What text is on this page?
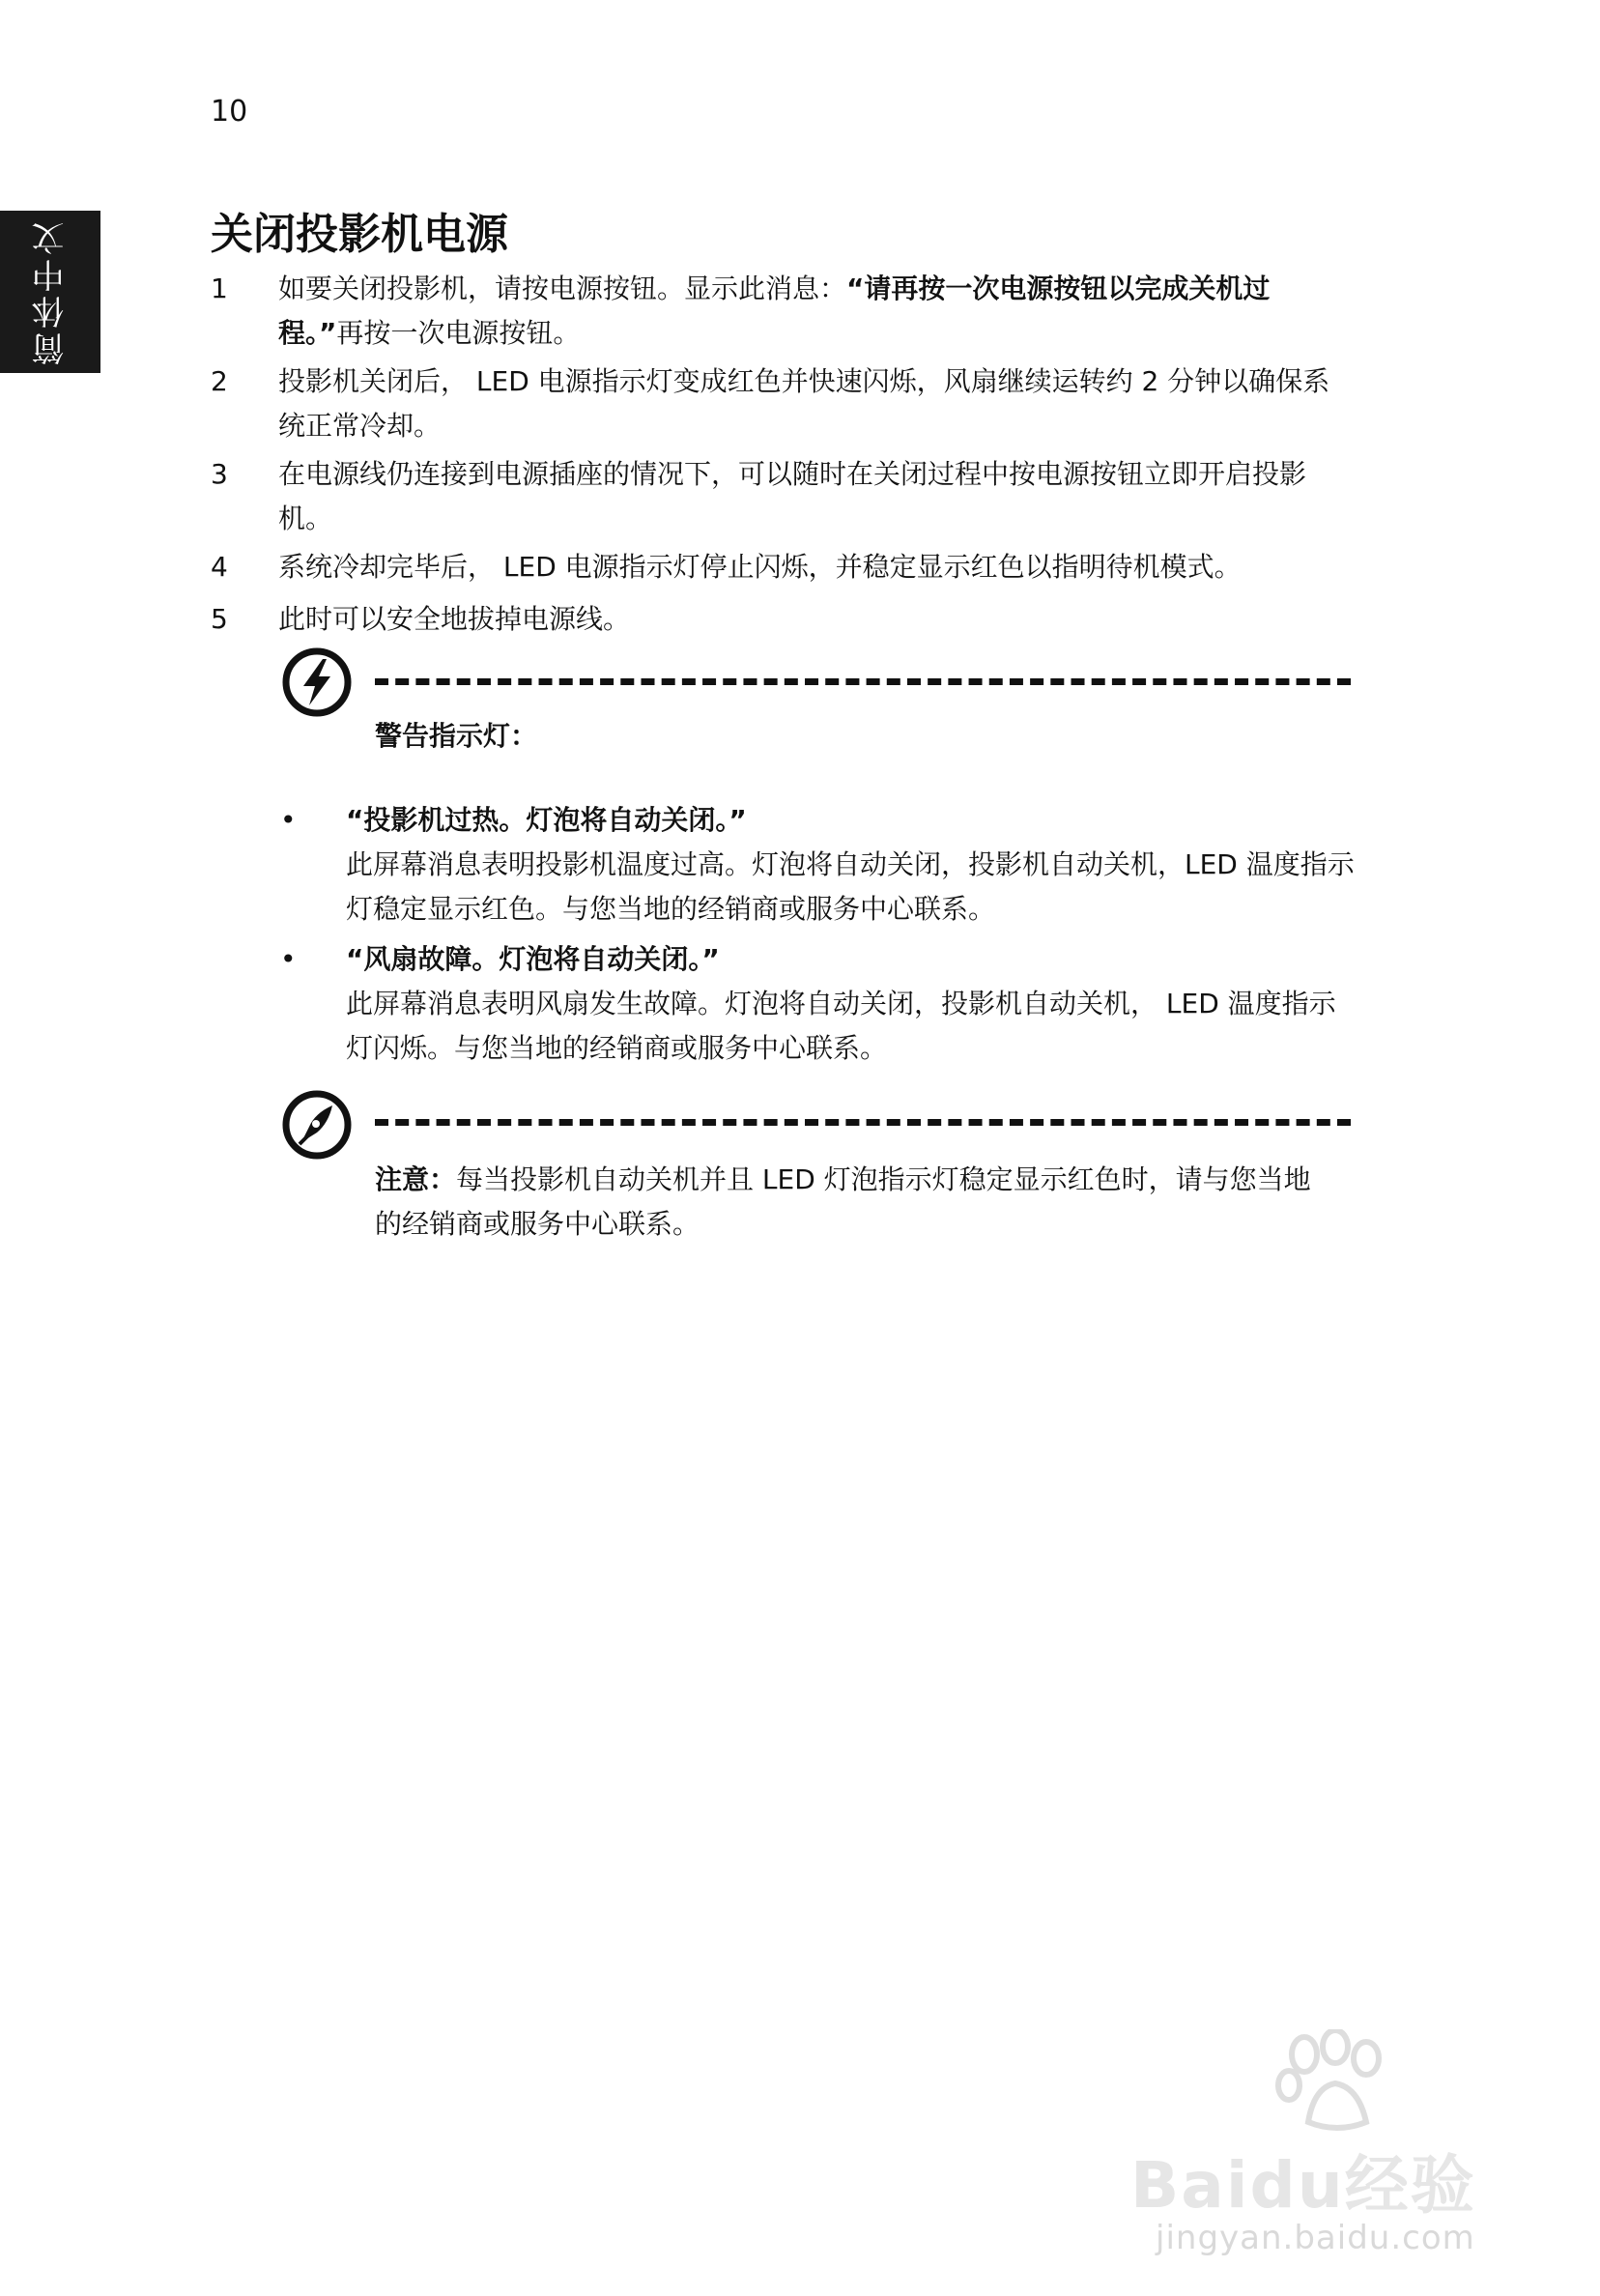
10
简体中文	关闭投影机电源
1 如要关闭投影机，请按电源按钮。显示此消息：“请再按一次电源按钮以完成关机过程。”再按一次电源按钮。
2 投影机关闭后， LED 电源指示灯变成红色并快速闪烁，风扇继续运转约 2 分钟以确保系统正常冷却。
3 在电源线仍连接到电源插座的情况下，可以随时在关闭过程中按电源按钮立即开启投影机。
4 系统冷却完毕后， LED 电源指示灯停止闪烁，并稳定显示红色以指明待机模式。
5 此时可以安全地拔掉电源线。
警告指示灯：
• “投影机过热。灯泡将自动关闭。”
此屏幕消息表明投影机温度过高。灯泡将自动关闭，投影机自动关机，LED 温度指示灯稳定显示红色。与您当地的经销商或服务中心联系。
• “风扇故障。灯泡将自动关闭。”
此屏幕消息表明风扇发生故障。灯泡将自动关闭，投影机自动关机， LED 温度指示灯闪烁。与您当地的经销商或服务中心联系。
注意：每当投影机自动关机并且 LED 灯泡指示灯稳定显示红色时，请与您当地的经销商或服务中心联系。
Baidu经验
jingyan.baidu.com
